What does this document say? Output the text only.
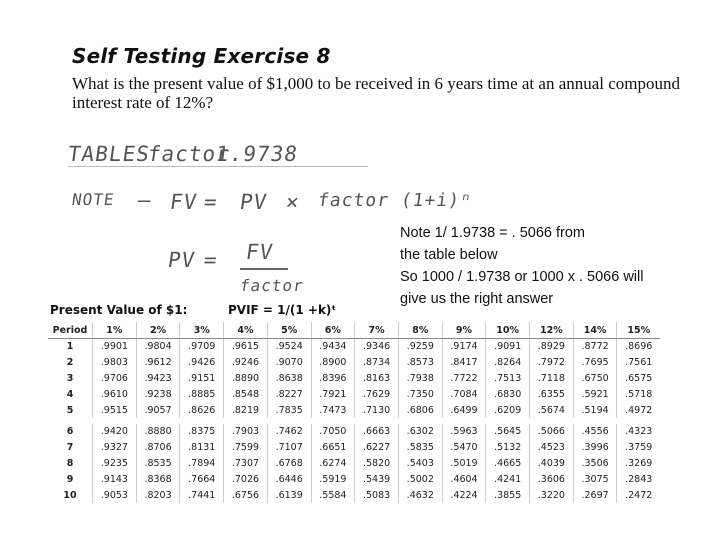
Self Testing Exercise 8
What is the present value of $1,000 to be received in 6 years time at an annual compound interest rate of 12%?
TABLES
factor
1.9738
NOTE – FV = PV × factor (1+i)ⁿ
PV = FV
factor

Note 1/ 1.9738 = . 5066 from

the table below

So 1000 / 1.9738 or 1000 x . 5066 will

give us the right answer

Present Value of $1:	PVIF = 1/(1 +k)ᵗ
Period	1%	2%	3%	4%	5%	6%	7%	8%	9%	10%	12%	14%	15%
1	.9901	.9804	.9709	.9615	.9524	.9434	.9346	.9259	.9174	.9091	.8929	.8772	.8696
2	.9803	.9612	.9426	.9246	.9070	.8900	.8734	.8573	.8417	.8264	.7972	.7695	.7561
3	.9706	.9423	.9151	.8890	.8638	.8396	.8163	.7938	.7722	.7513	.7118	.6750	.6575
4	.9610	.9238	.8885	.8548	.8227	.7921	.7629	.7350	.7084	.6830	.6355	.5921	.5718
5	.9515	.9057	.8626	.8219	.7835	.7473	.7130	.6806	.6499	.6209	.5674	.5194	.4972

6	.9420	.8880	.8375	.7903	.7462	.7050	.6663	.6302	.5963	.5645	.5066	.4556	.4323
7	.9327	.8706	.8131	.7599	.7107	.6651	.6227	.5835	.5470	.5132	.4523	.3996	.3759
8	.9235	.8535	.7894	.7307	.6768	.6274	.5820	.5403	.5019	.4665	.4039	.3506	.3269
9	.9143	.8368	.7664	.7026	.6446	.5919	.5439	.5002	.4604	.4241	.3606	.3075	.2843
10	.9053	.8203	.7441	.6756	.6139	.5584	.5083	.4632	.4224	.3855	.3220	.2697	.2472
